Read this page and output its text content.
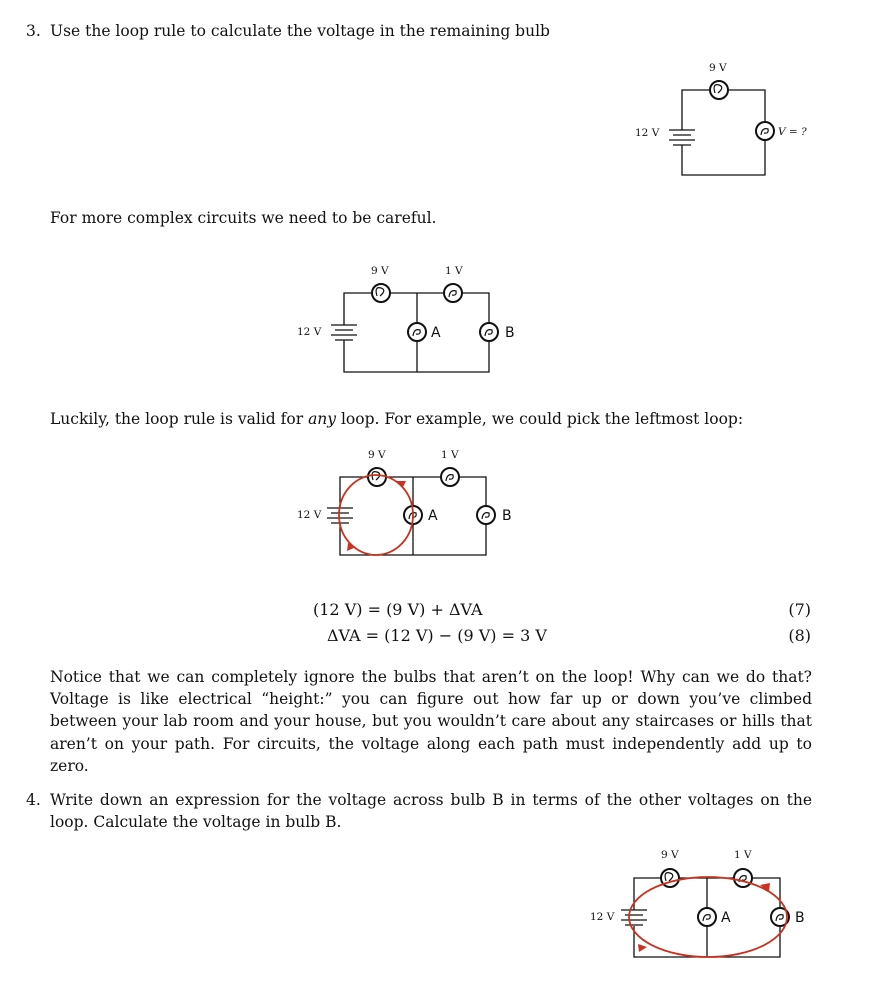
3. Use the loop rule to calculate the voltage in the remaining bulb
9 V
12 V	V = ?
For more complex circuits we need to be careful.
9 V	1 V
12 V	A	B
Luckily, the loop rule is valid for any loop. For example, we could pick the leftmost loop:
9 V	1 V
12 V	A	B
(12 V) = (9 V) + ΔVA	(7)
ΔVA = (12 V) − (9 V) = 3 V	(8)
Notice that we can completely ignore the bulbs that aren’t on the loop! Why can we do that? Voltage is like electrical “height:” you can figure out how far up or down you’ve climbed between your lab room and your house, but you wouldn’t care about any staircases or hills that aren’t on your path. For circuits, the voltage along each path must independently add up to zero.
4. Write down an expression for the voltage across bulb B in terms of the other voltages on the loop. Calculate the voltage in bulb B.
9 V	1 V
12 V	A	B
